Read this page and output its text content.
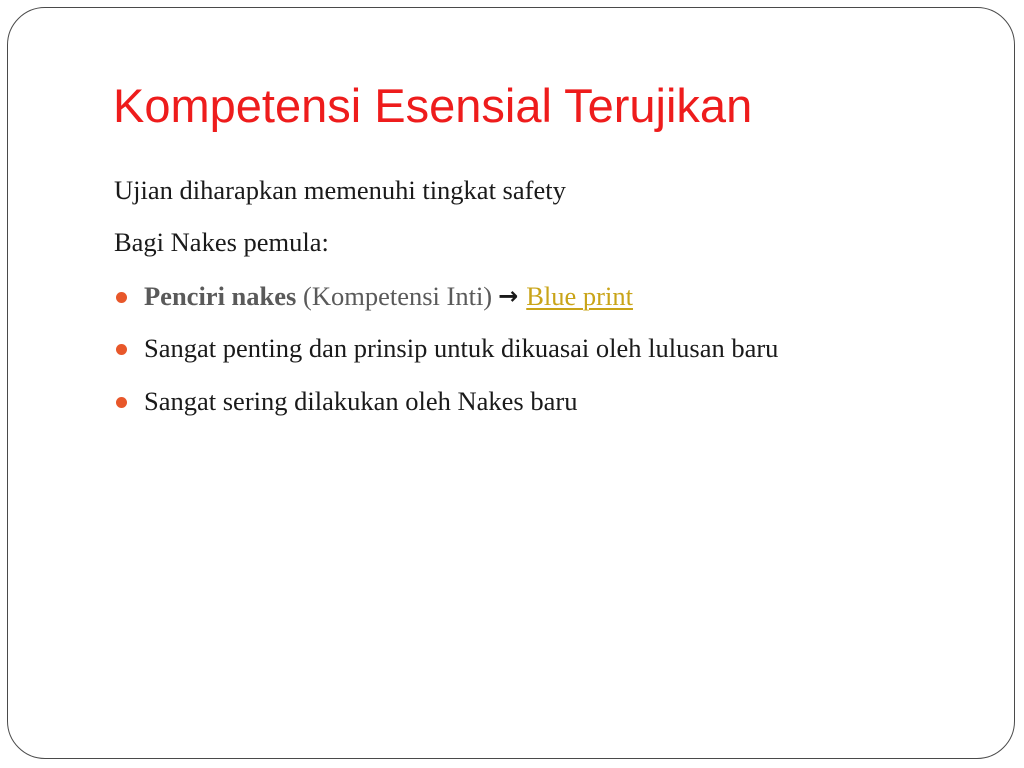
Kompetensi Esensial Terujikan

Ujian diharapkan memenuhi tingkat safety

Bagi Nakes pemula:

Penciri nakes (Kompetensi Inti) → Blue print
Sangat penting dan prinsip untuk dikuasai oleh lulusan baru
Sangat sering dilakukan oleh Nakes baru
